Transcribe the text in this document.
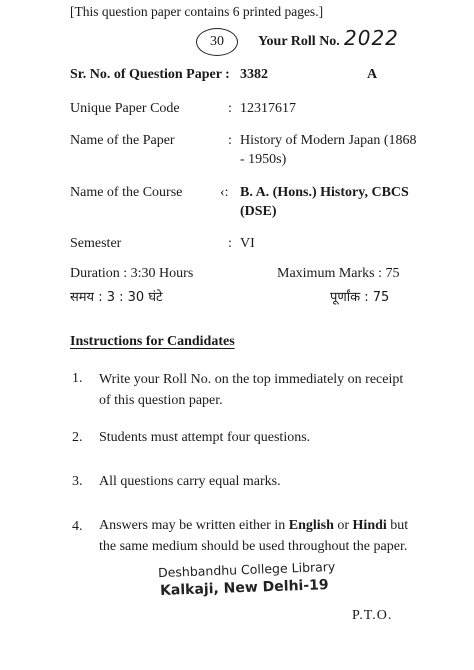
[This question paper contains 6 printed pages.]
30	Your Roll No. 2022
Sr. No. of Question Paper : 3382	A
Unique Paper Code	: 12317617
Name of the Paper	: History of Modern Japan (1868
- 1950s)
Name of the Course	‹: B. A. (Hons.) History, CBCS
(DSE)
Semester	: VI
Duration : 3:30 Hours	Maximum Marks : 75
समय : 3 : 30 घंटे	पूर्णांक : 75
Instructions for Candidates
1. Write your Roll No. on the top immediately on receipt of this question paper.
2. Students must attempt four questions.
3. All questions carry equal marks.
4. Answers may be written either in English or Hindi but the same medium should be used throughout the paper.
Deshbandhu College Library
Kalkaji, New Delhi-19
P.T.O.
